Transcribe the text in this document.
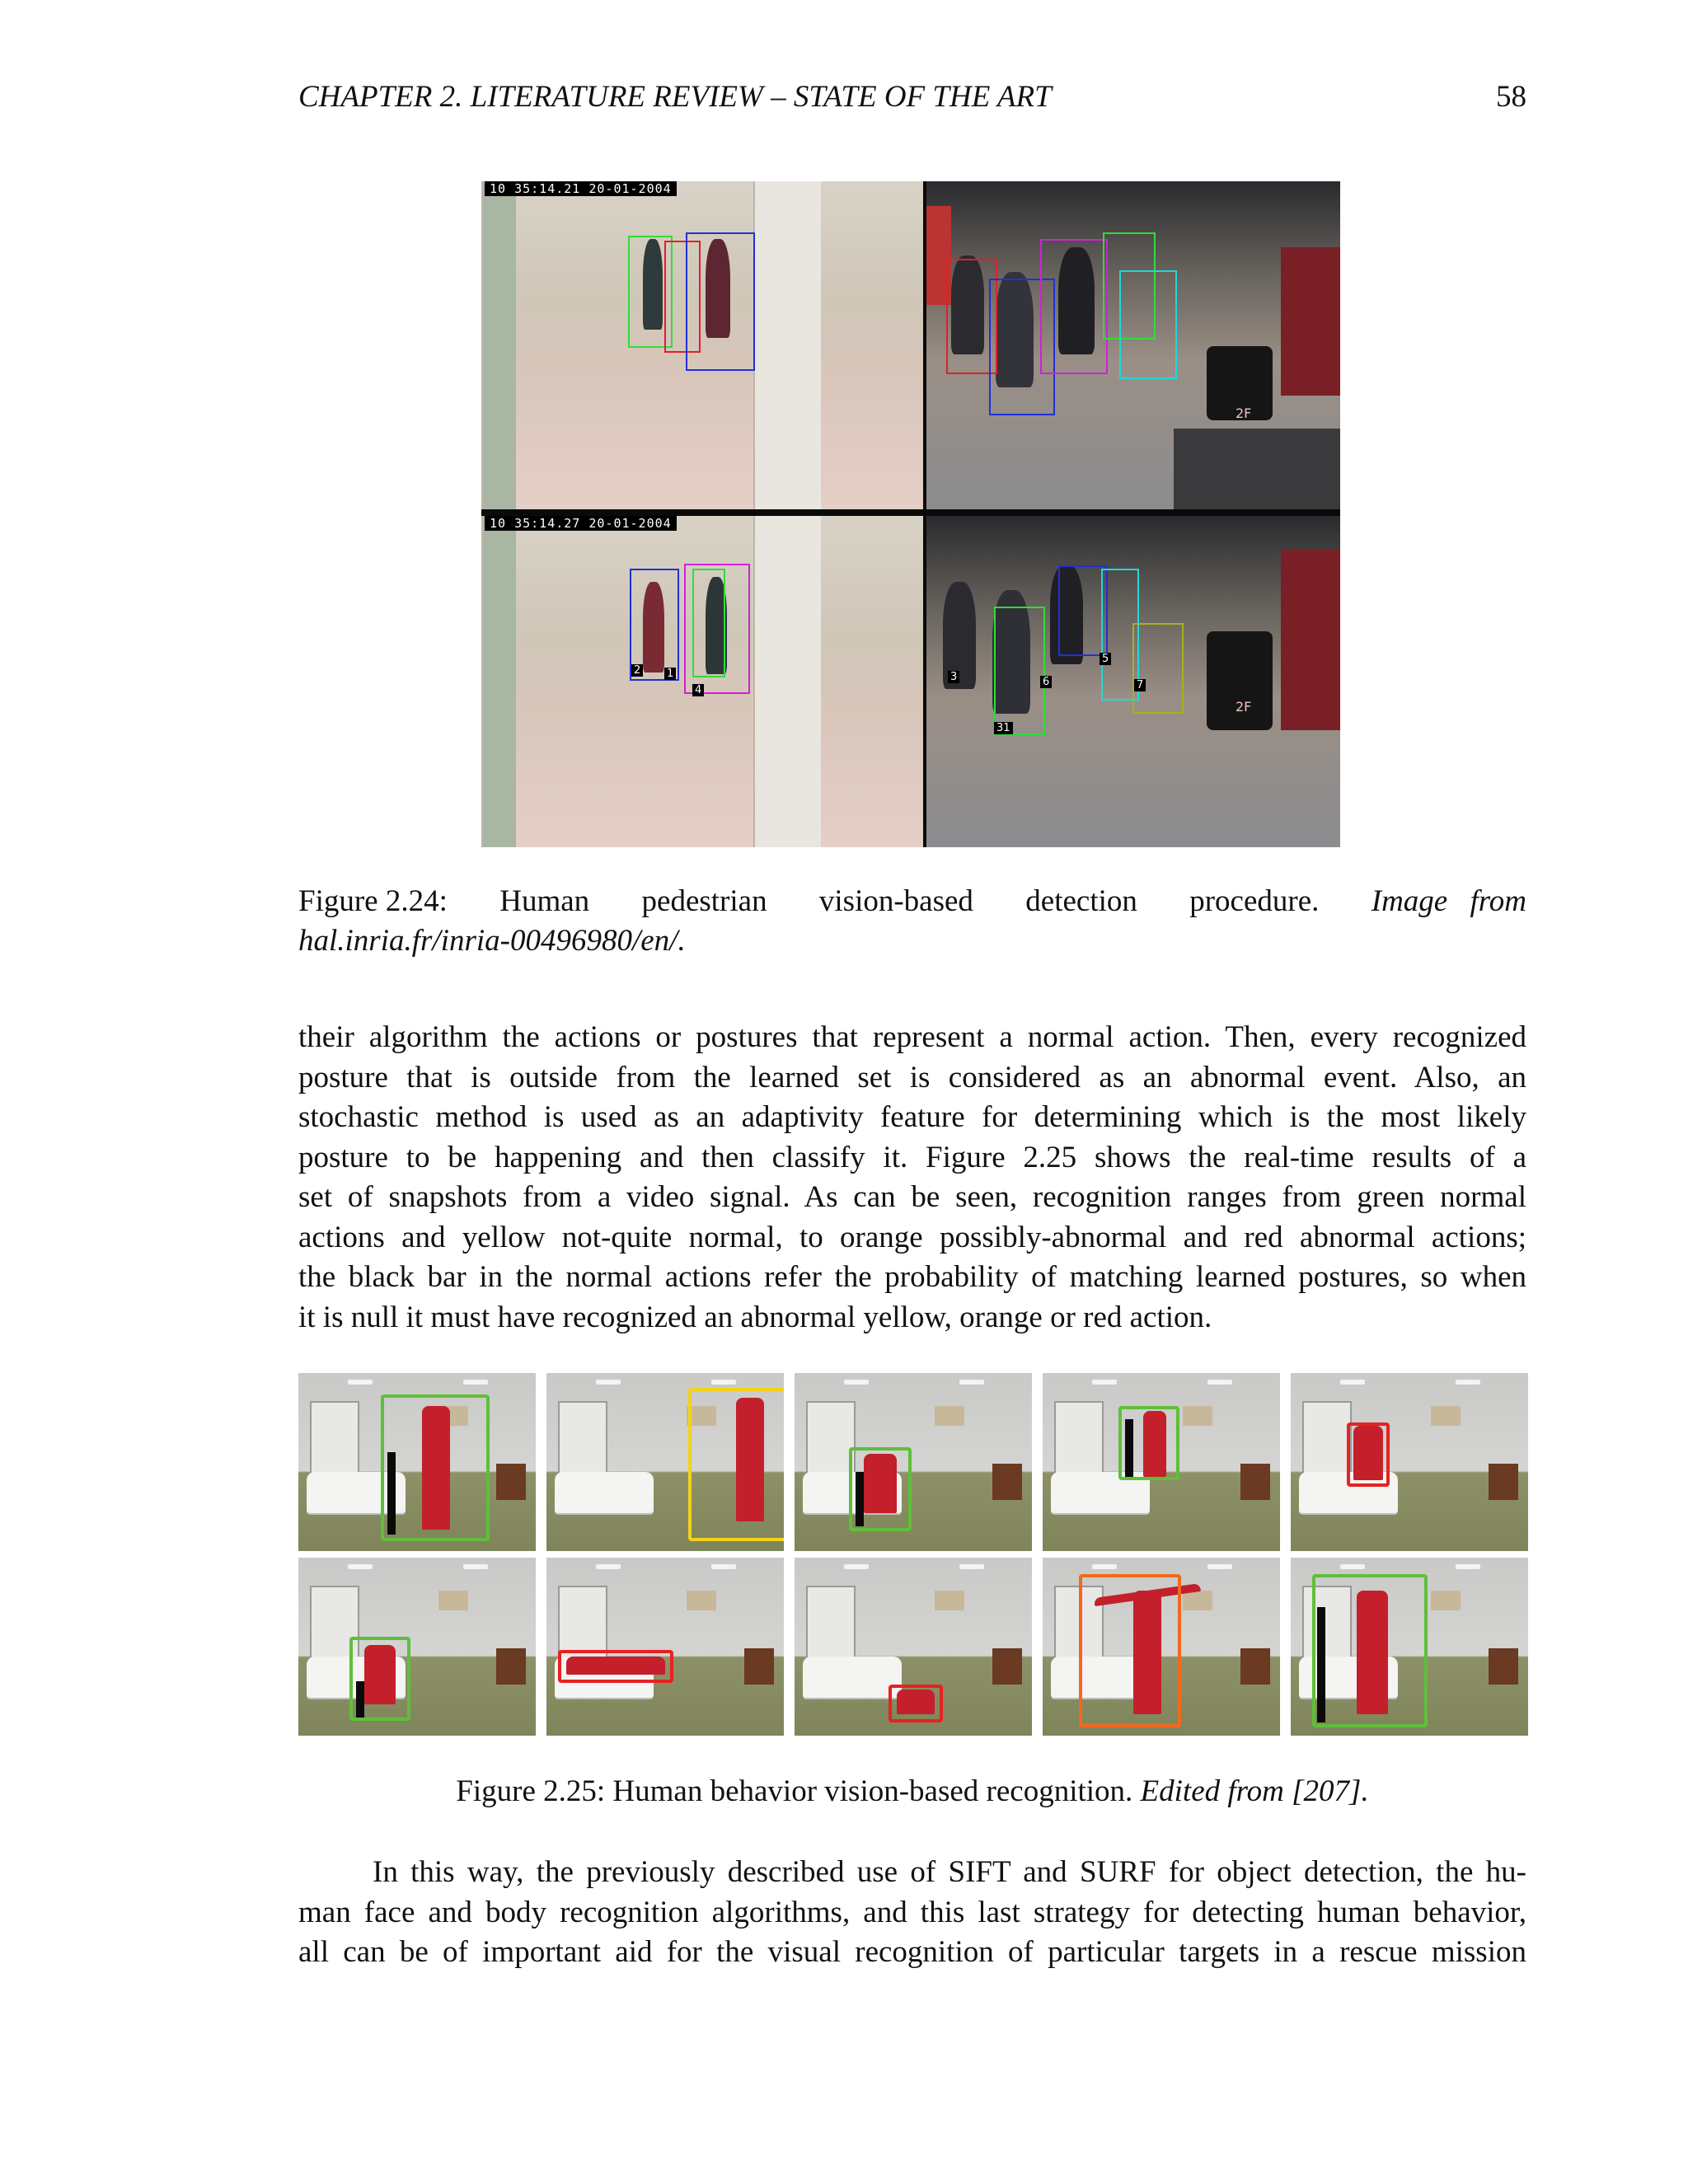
CHAPTER 2. LITERATURE REVIEW – STATE OF THE ART	58
10 35:14.21 20-01-2004
2F
10 35:14.27 20-01-2004
2 1
4
3
31
6
5
7
2F
Figure 2.24: Human pedestrian vision-based detection procedure. Image from
hal.inria.fr/inria-00496980/en/.
their algorithm the actions or postures that represent a normal action. Then, every recognized
posture that is outside from the learned set is considered as an abnormal event. Also, an
stochastic method is used as an adaptivity feature for determining which is the most likely
posture to be happening and then classify it. Figure 2.25 shows the real-time results of a
set of snapshots from a video signal. As can be seen, recognition ranges from green normal
actions and yellow not-quite normal, to orange possibly-abnormal and red abnormal actions;
the black bar in the normal actions refer the probability of matching learned postures, so when
it is null it must have recognized an abnormal yellow, orange or red action.
Figure 2.25: Human behavior vision-based recognition. Edited from [207].
In this way, the previously described use of SIFT and SURF for object detection, the hu-
man face and body recognition algorithms, and this last strategy for detecting human behavior,
all can be of important aid for the visual recognition of particular targets in a rescue mission
